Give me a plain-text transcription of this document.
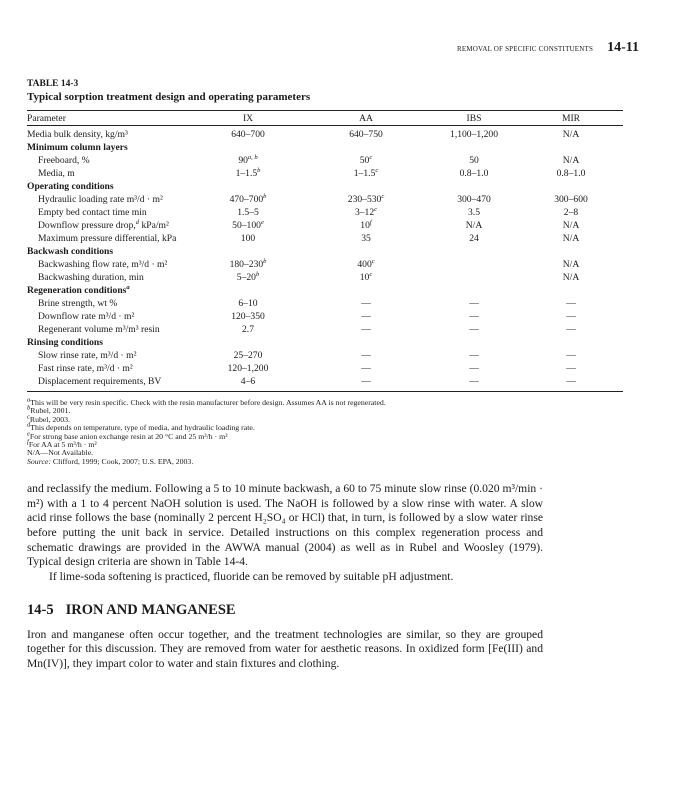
REMOVAL OF SPECIFIC CONSTITUENTS 14-11
TABLE 14-3
Typical sorption treatment design and operating parameters
Parameter	IX	AA	IBS	MIR
Media bulk density, kg/m³	640–700	640–750	1,100–1,200	N/A
Minimum column layers				
Freeboard, %	90$^{a, b}$	50$^c$	50	N/A
Media, m	1–1.5$^b$	1–1.5$^c$	0.8–1.0	0.8–1.0
Operating conditions				
Hydraulic loading rate m³/d · m²	470–700$^b$	230–530$^c$	300–470	300–600
Empty bed contact time min	1.5–5	3–12$^c$	3.5	2–8
Downflow pressure drop,$^d$ kPa/m²	50–100e	10$^f$	N/A	N/A
Maximum pressure differential, kPa	100	35	24	N/A
Backwash conditions				
Backwashing flow rate, m³/d · m²	180–230$^b$	400$^c$		N/A
Backwashing duration, min	5–20$^b$	10$^c$		N/A
Regeneration conditions$^a$
Brine strength, wt %	6–10	—	—	—
Downflow rate m³/d · m²	120–350	—	—	—
Regenerant volume m³/m³ resin	2.7	—	—	—
Rinsing conditions				
Slow rinse rate, m³/d · m²	25–270	—	—	—
Fast rinse rate, m³/d · m²	120–1,200	—	—	—
Displacement requirements, BV	4–6	—	—	—
$^a$This will be very resin specific. Check with the resin manufacturer before design. Assumes AA is not regenerated.
$^b$Rubel, 2001.
$^c$Rubel, 2003.
$^d$This depends on temperature, type of media, and hydraulic loading rate.
$^e$For strong base anion exchange resin at 20 °C and 25 m³/h · m²
$^f$For AA at 5 m³/h · m²
N/A—Not Available.
Source: Clifford, 1999; Cook, 2007; U.S. EPA, 2003.

and reclassify the medium. Following a 5 to 10 minute backwash, a 60 to 75 minute slow rinse (0.020 m³/min · m²) with a 1 to 4 percent NaOH solution is used. The NaOH is followed by a slow rinse with water. A slow acid rinse follows the base (nominally 2 percent H₂SO₄ or HCl) that, in turn, is followed by a slow water rinse before putting the unit back in service. Detailed instructions on this complex regeneration process and schematic drawings are provided in the AWWA manual (2004) as well as in Rubel and Woosley (1979). Typical design criteria are shown in Table 14-4.

If lime-soda softening is practiced, fluoride can be removed by suitable pH adjustment.

14-5 IRON AND MANGANESE

Iron and manganese often occur together, and the treatment technologies are similar, so they are grouped together for this discussion. They are removed from water for aesthetic reasons. In oxidized form [Fe(III) and Mn(IV)], they impart color to water and stain fixtures and clothing.
